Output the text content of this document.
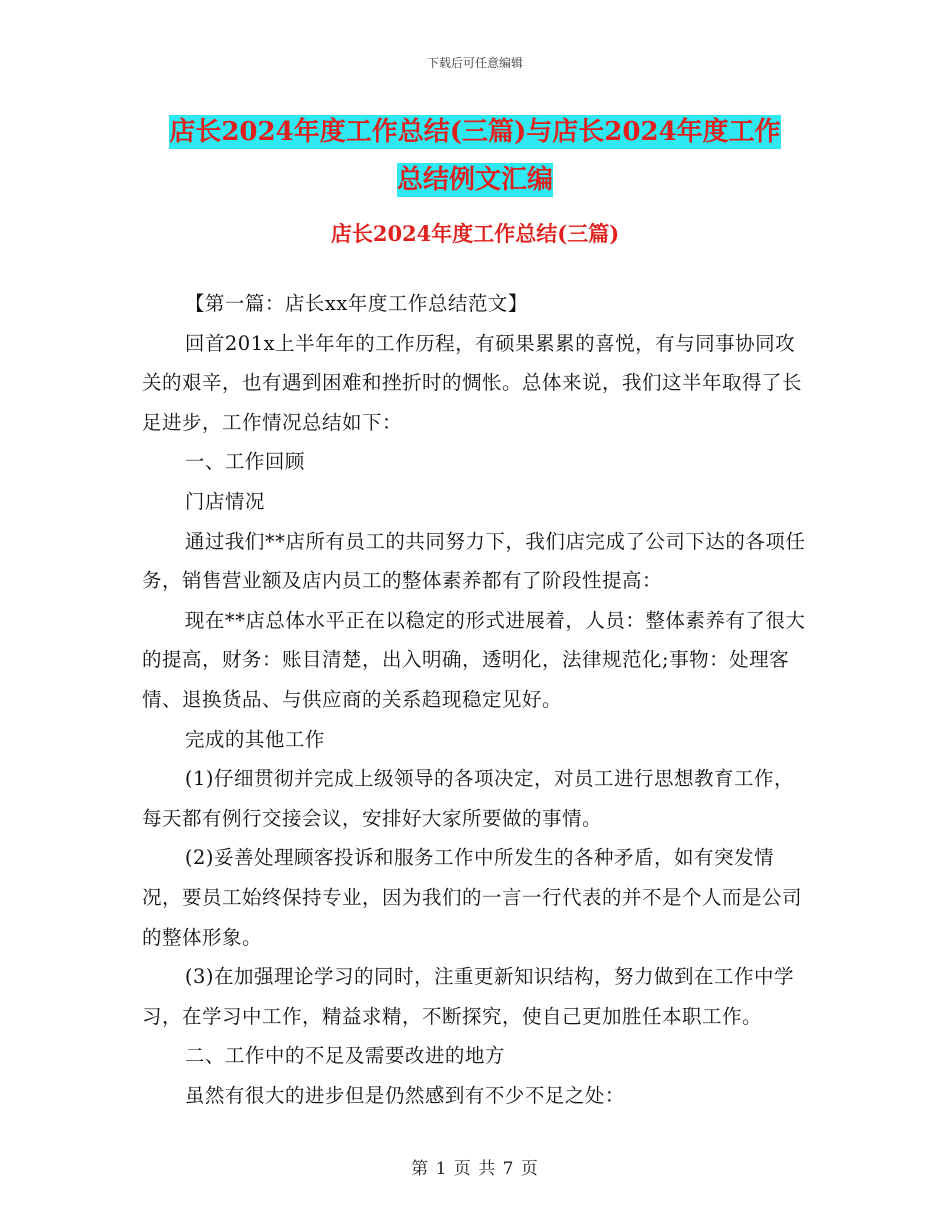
下载后可任意编辑
店长2024年度工作总结(三篇)与店长2024年度工作
总结例文汇编
店长2024年度工作总结(三篇)

【第一篇：店长xx年度工作总结范文】

回首201x上半年年的工作历程，有硕果累累的喜悦，有与同事协同攻关的艰辛，也有遇到困难和挫折时的惆怅。总体来说，我们这半年取得了长足进步，工作情况总结如下：

一、工作回顾

门店情况

通过我们**店所有员工的共同努力下，我们店完成了公司下达的各项任务，销售营业额及店内员工的整体素养都有了阶段性提高：

现在**店总体水平正在以稳定的形式进展着，人员：整体素养有了很大的提高，财务：账目清楚，出入明确，透明化，法律规范化;事物：处理客情、退换货品、与供应商的关系趋现稳定见好。

完成的其他工作

(1)仔细贯彻并完成上级领导的各项决定，对员工进行思想教育工作，每天都有例行交接会议，安排好大家所要做的事情。

(2)妥善处理顾客投诉和服务工作中所发生的各种矛盾，如有突发情况，要员工始终保持专业，因为我们的一言一行代表的并不是个人而是公司的整体形象。

(3)在加强理论学习的同时，注重更新知识结构，努力做到在工作中学习，在学习中工作，精益求精，不断探究，使自己更加胜任本职工作。

二、工作中的不足及需要改进的地方

虽然有很大的进步但是仍然感到有不少不足之处：

第 1 页 共 7 页
